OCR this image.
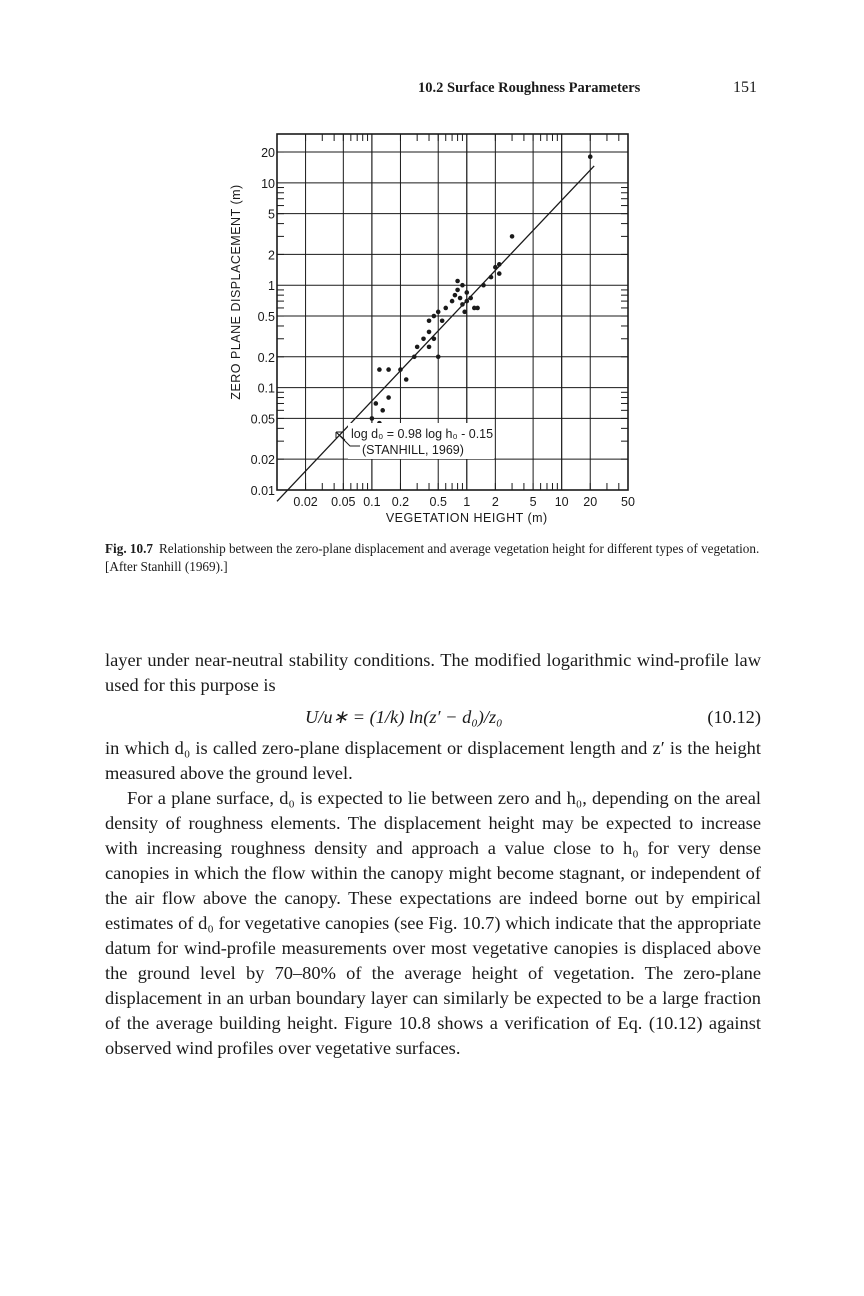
10.2 Surface Roughness Parameters	151
0.02 0.05 0.1 0.2 0.5 1 2 5 10 20 50
20
10
5
2
1
0.5
0.2
0.1
0.05
0.02
0.01
VEGETATION HEIGHT (m)
ZERO PLANE DISPLACEMENT (m)
log d₀ = 0.98 log h₀ - 0.15
(STANHILL, 1969)
Fig. 10.7 Relationship between the zero-plane displacement and average vegetation height for different types of vegetation. [After Stanhill (1969).]

layer under near-neutral stability conditions. The modified logarithmic wind-profile law used for this purpose is

U/u∗ = (1/k) ln(z′ − d₀)/z₀	(10.12)

in which d₀ is called zero-plane displacement or displacement length and z′ is the height measured above the ground level.

For a plane surface, d₀ is expected to lie between zero and h₀, depending on the areal density of roughness elements. The displacement height may be expected to increase with increasing roughness density and approach a value close to h₀ for very dense canopies in which the flow within the canopy might become stagnant, or independent of the air flow above the canopy. These expectations are indeed borne out by empirical estimates of d₀ for vegetative canopies (see Fig. 10.7) which indicate that the appropriate datum for wind-profile measurements over most vegetative canopies is displaced above the ground level by 70–80% of the average height of vegetation. The zero-plane displacement in an urban boundary layer can similarly be expected to be a large fraction of the average building height. Figure 10.8 shows a verification of Eq. (10.12) against observed wind profiles over vegetative surfaces.
